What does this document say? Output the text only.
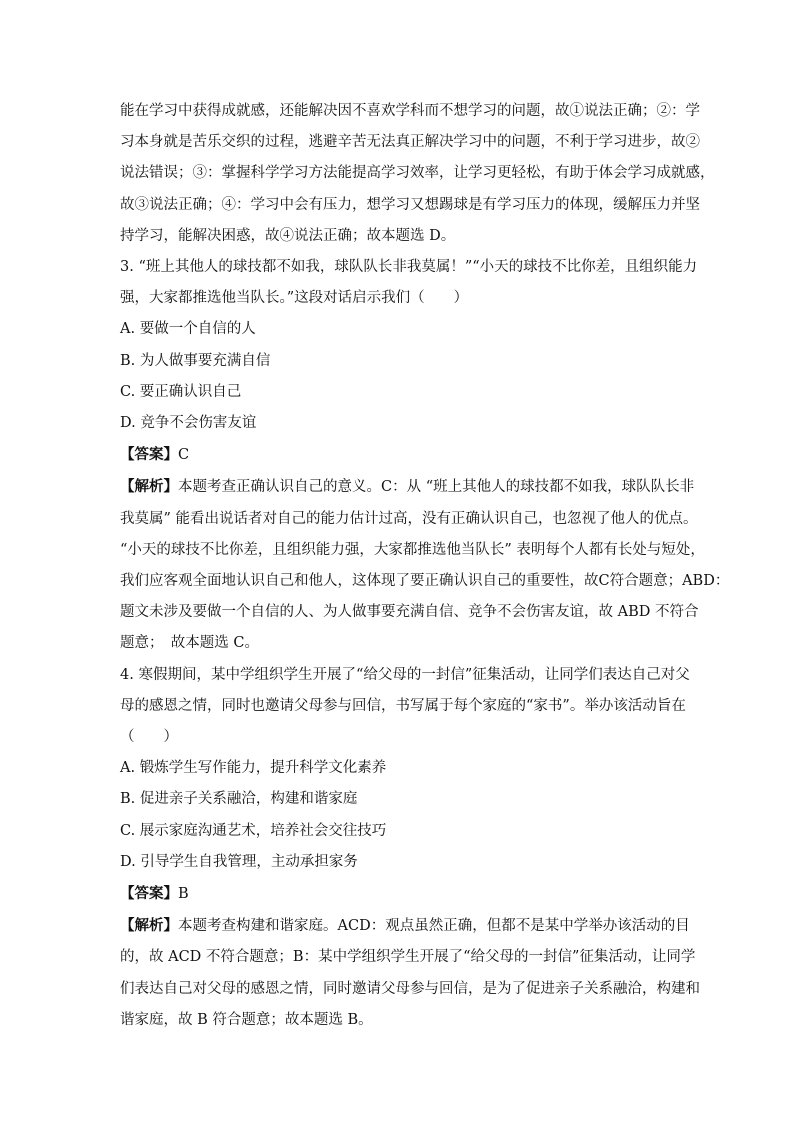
能在学习中获得成就感，还能解决因不喜欢学科而不想学习的问题，故①说法正确；②：学
习本身就是苦乐交织的过程，逃避辛苦无法真正解决学习中的问题，不利于学习进步，故②
说法错误；③：掌握科学学习方法能提高学习效率，让学习更轻松，有助于体会学习成就感，
故③说法正确；④：学习中会有压力，想学习又想踢球是有学习压力的体现，缓解压力并坚
持学习，能解决困惑，故④说法正确；故本题选 D。
3. “班上其他人的球技都不如我，球队队长非我莫属！”“小天的球技不比你差，且组织能力
强，大家都推选他当队长。”这段对话启示我们（　　）
A. 要做一个自信的人
B. 为人做事要充满自信
C. 要正确认识自己
D. 竞争不会伤害友谊
【答案】C
【解析】本题考查正确认识自己的意义。C：从 “班上其他人的球技都不如我，球队队长非
我莫属” 能看出说话者对自己的能力估计过高，没有正确认识自己，也忽视了他人的优点。
“小天的球技不比你差，且组织能力强，大家都推选他当队长” 表明每个人都有长处与短处，
我们应客观全面地认识自己和他人，这体现了要正确认识自己的重要性，故C符合题意；ABD：
题文未涉及要做一个自信的人、为人做事要充满自信、竞争不会伤害友谊，故 ABD 不符合
题意；　故本题选 C。
4. 寒假期间，某中学组织学生开展了“给父母的一封信”征集活动，让同学们表达自己对父
母的感恩之情，同时也邀请父母参与回信，书写属于每个家庭的“家书”。举办该活动旨在
（　　）
A. 锻炼学生写作能力，提升科学文化素养
B. 促进亲子关系融洽，构建和谐家庭
C. 展示家庭沟通艺术，培养社会交往技巧
D. 引导学生自我管理，主动承担家务
【答案】B
【解析】本题考查构建和谐家庭。ACD：观点虽然正确，但都不是某中学举办该活动的目
的，故 ACD 不符合题意；B：某中学组织学生开展了“给父母的一封信”征集活动，让同学
们表达自己对父母的感恩之情，同时邀请父母参与回信，是为了促进亲子关系融洽，构建和
谐家庭，故 B 符合题意；故本题选 B。
